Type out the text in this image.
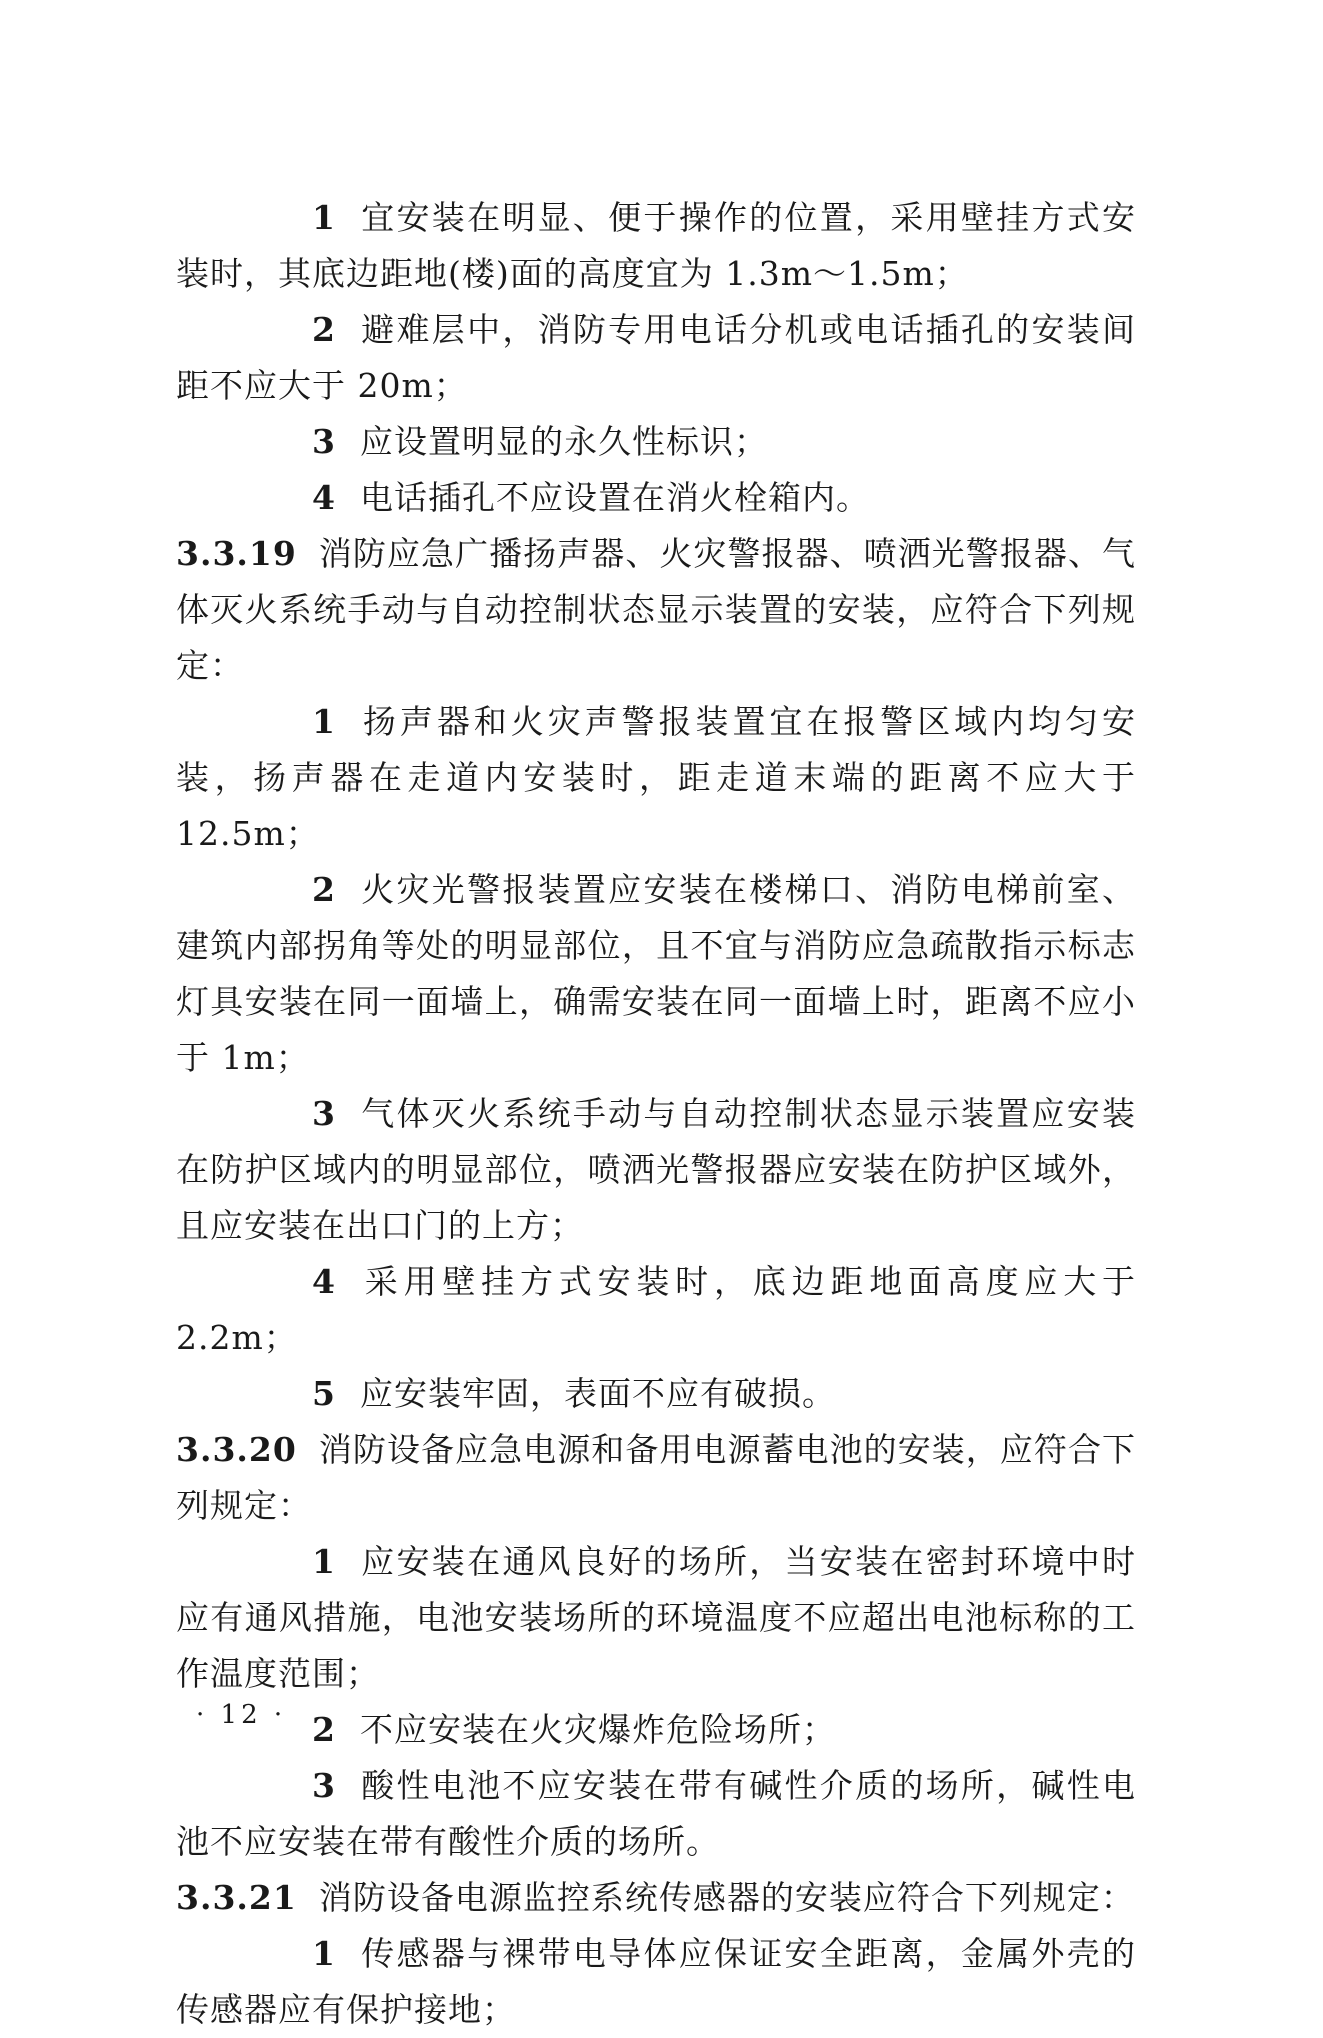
1 宜安装在明显、便于操作的位置，采用壁挂方式安装时，其底边距地(楼)面的高度宜为 1.3m～1.5m；

2 避难层中，消防专用电话分机或电话插孔的安装间距不应大于 20m；

3 应设置明显的永久性标识；

4 电话插孔不应设置在消火栓箱内。

3.3.19 消防应急广播扬声器、火灾警报器、喷洒光警报器、气体灭火系统手动与自动控制状态显示装置的安装，应符合下列规定：

1 扬声器和火灾声警报装置宜在报警区域内均匀安装，扬声器在走道内安装时，距走道末端的距离不应大于 12.5m；

2 火灾光警报装置应安装在楼梯口、消防电梯前室、建筑内部拐角等处的明显部位，且不宜与消防应急疏散指示标志灯具安装在同一面墙上，确需安装在同一面墙上时，距离不应小于 1m；

3 气体灭火系统手动与自动控制状态显示装置应安装在防护区域内的明显部位，喷洒光警报器应安装在防护区域外，且应安装在出口门的上方；

4 采用壁挂方式安装时，底边距地面高度应大于 2.2m；

5 应安装牢固，表面不应有破损。

3.3.20 消防设备应急电源和备用电源蓄电池的安装，应符合下列规定：

1 应安装在通风良好的场所，当安装在密封环境中时应有通风措施，电池安装场所的环境温度不应超出电池标称的工作温度范围；

2 不应安装在火灾爆炸危险场所；

3 酸性电池不应安装在带有碱性介质的场所，碱性电池不应安装在带有酸性介质的场所。

3.3.21 消防设备电源监控系统传感器的安装应符合下列规定：

1 传感器与裸带电导体应保证安全距离，金属外壳的传感器应有保护接地；

· 12 ·
